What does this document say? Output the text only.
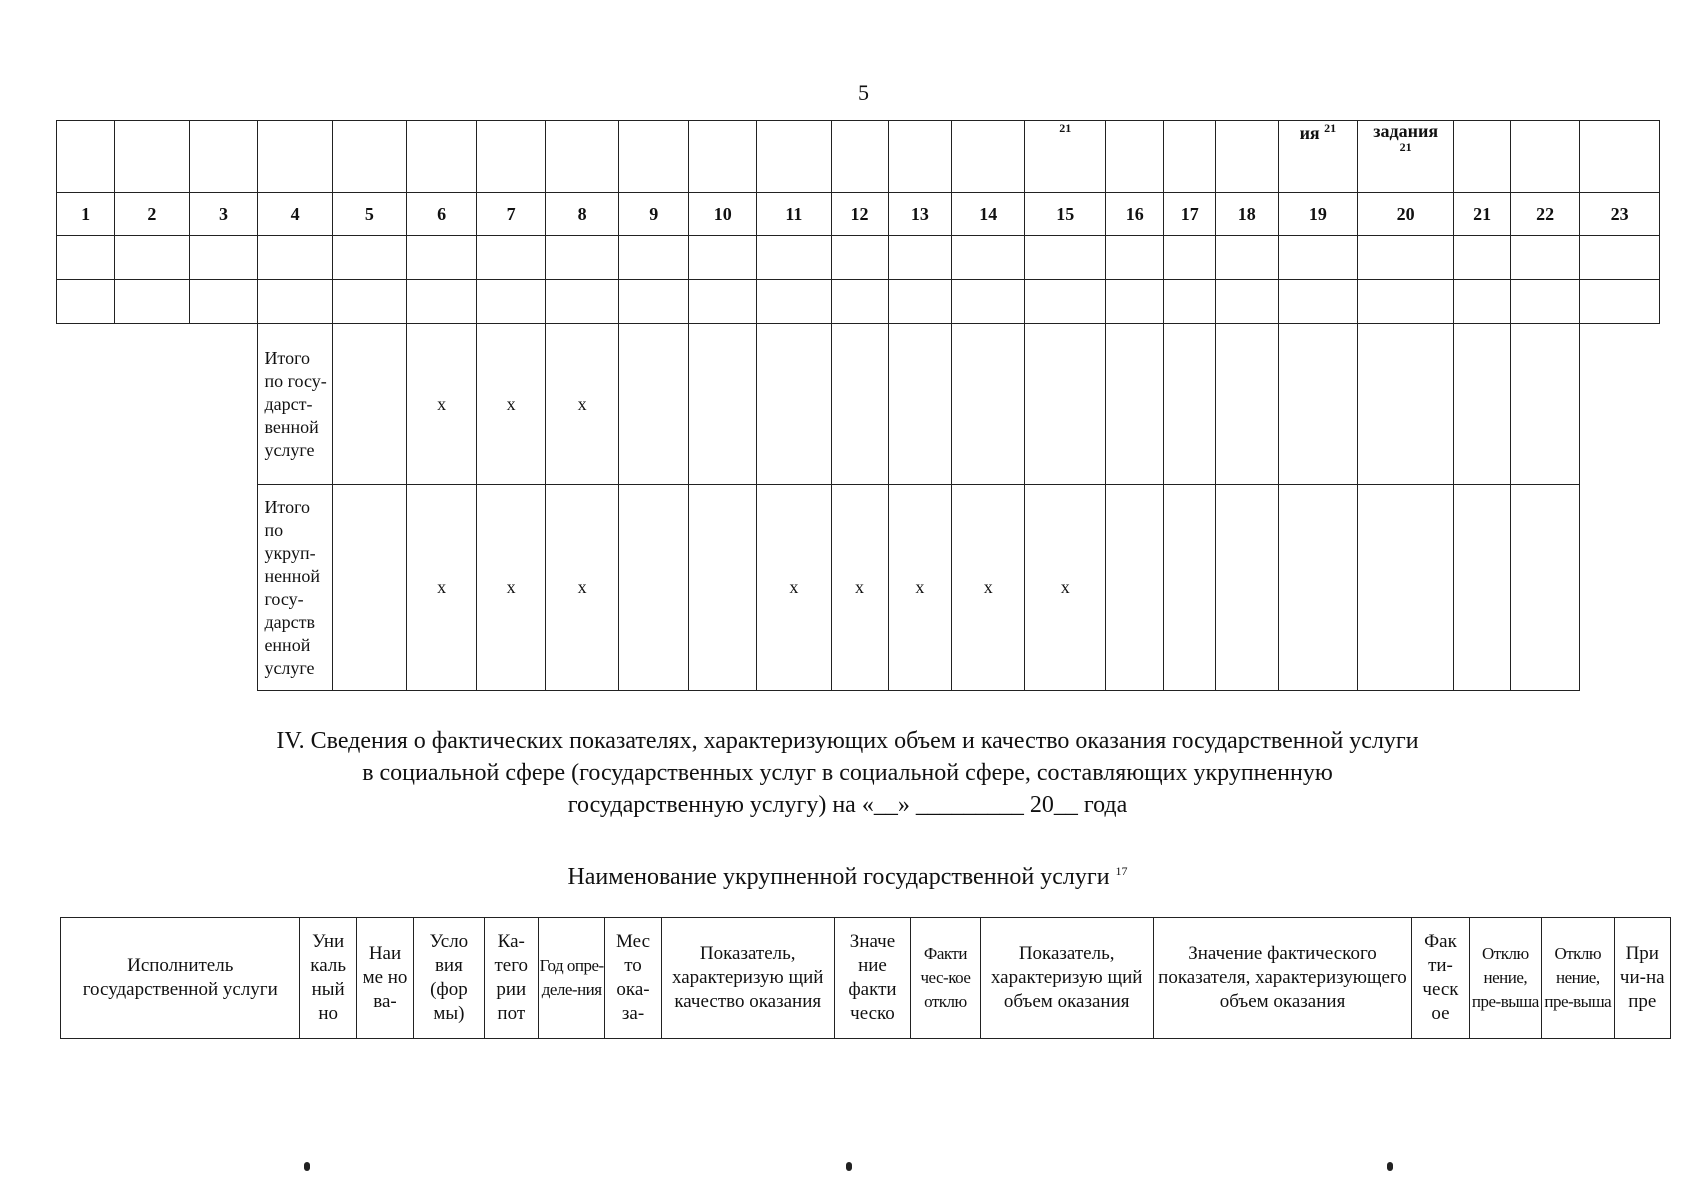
5
														$^{21}$				ия $^{21}$	задания
21			

1	2	3	4	5	6	7	8	9	10	11	12	13	14	15	16	17	18	19	20	21	22	23

			Итого по госу-дарст-венной услуге		х	х	х															
			Итого по укруп-ненной госу-дарств енной услуге		х	х	х			х	х	х	х	х								
IV. Сведения о фактических показателях, характеризующих объем и качество оказания государственной услуги
в социальной сфере (государственных услуг в социальной сфере, составляющих укрупненную
государственную услугу) на «__» _________ 20__ года
Наименование укрупненной государственной услуги $^{17}$
Исполнитель государственной услуги	Уни каль ный но	Наи ме но ва-	Усло вия (фор мы)	Ка-тего рии пот	Год опре-деле-ния	Мес то ока-за-	Показатель, характеризую щий качество оказания	Значе ние факти ческо	Факти чес-кое отклю	Показатель, характеризую щий объем оказания	Значение фактического показателя, характеризующего объем оказания	Фак ти-ческ ое	Отклю нение, пре-выша	Отклю нение, пре-выша	При чи-на пре
